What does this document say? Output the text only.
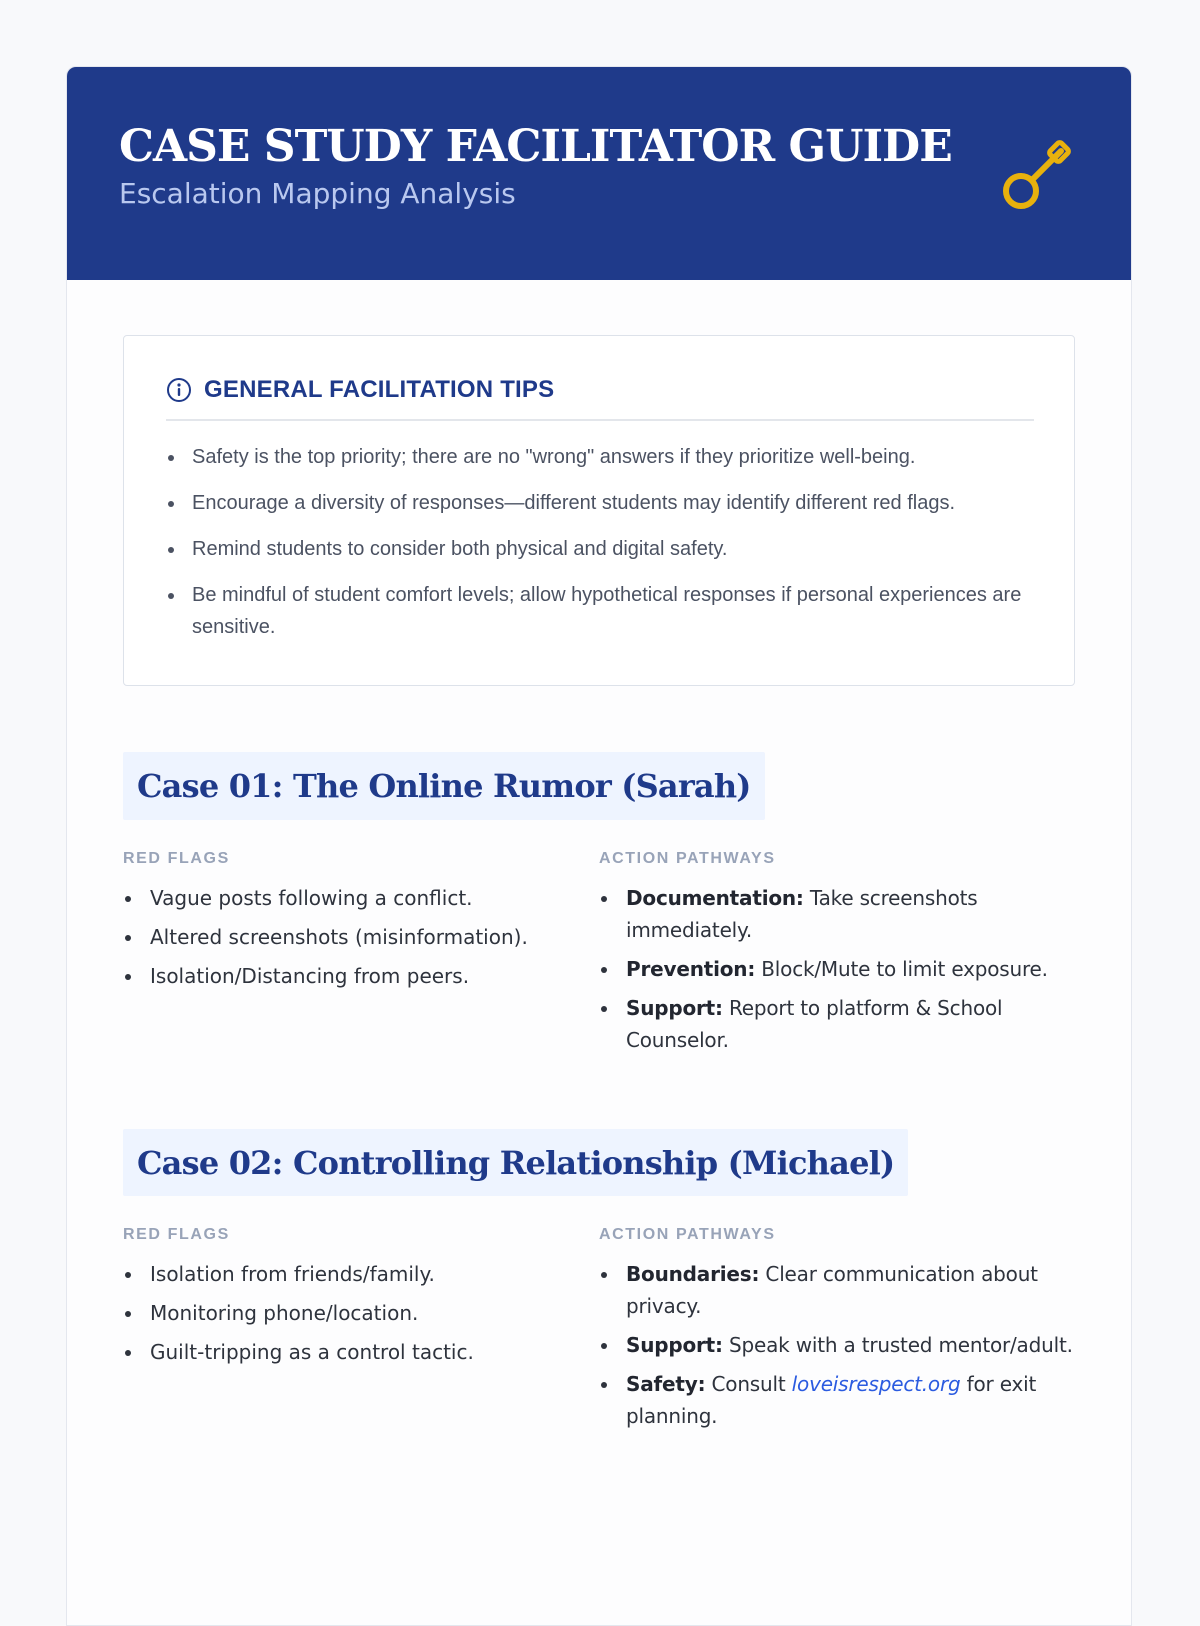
CASE STUDY FACILITATOR GUIDE
Escalation Mapping Analysis
GENERAL FACILITATION TIPS
Safety is the top priority; there are no "wrong" answers if they prioritize well-being.
Encourage a diversity of responses—different students may identify different red flags.
Remind students to consider both physical and digital safety.
Be mindful of student comfort levels; allow hypothetical responses if personal experiences are sensitive.
Case 01: The Online Rumor (Sarah)
RED FLAGS
Vague posts following a conflict.
Altered screenshots (misinformation).
Isolation/Distancing from peers.
ACTION PATHWAYS
Documentation: Take screenshots immediately.
Prevention: Block/Mute to limit exposure.
Support: Report to platform & School Counselor.
Case 02: Controlling Relationship (Michael)
RED FLAGS
Isolation from friends/family.
Monitoring phone/location.
Guilt-tripping as a control tactic.
ACTION PATHWAYS
Boundaries: Clear communication about privacy.
Support: Speak with a trusted mentor/adult.
Safety: Consult loveisrespect.org for exit planning.
